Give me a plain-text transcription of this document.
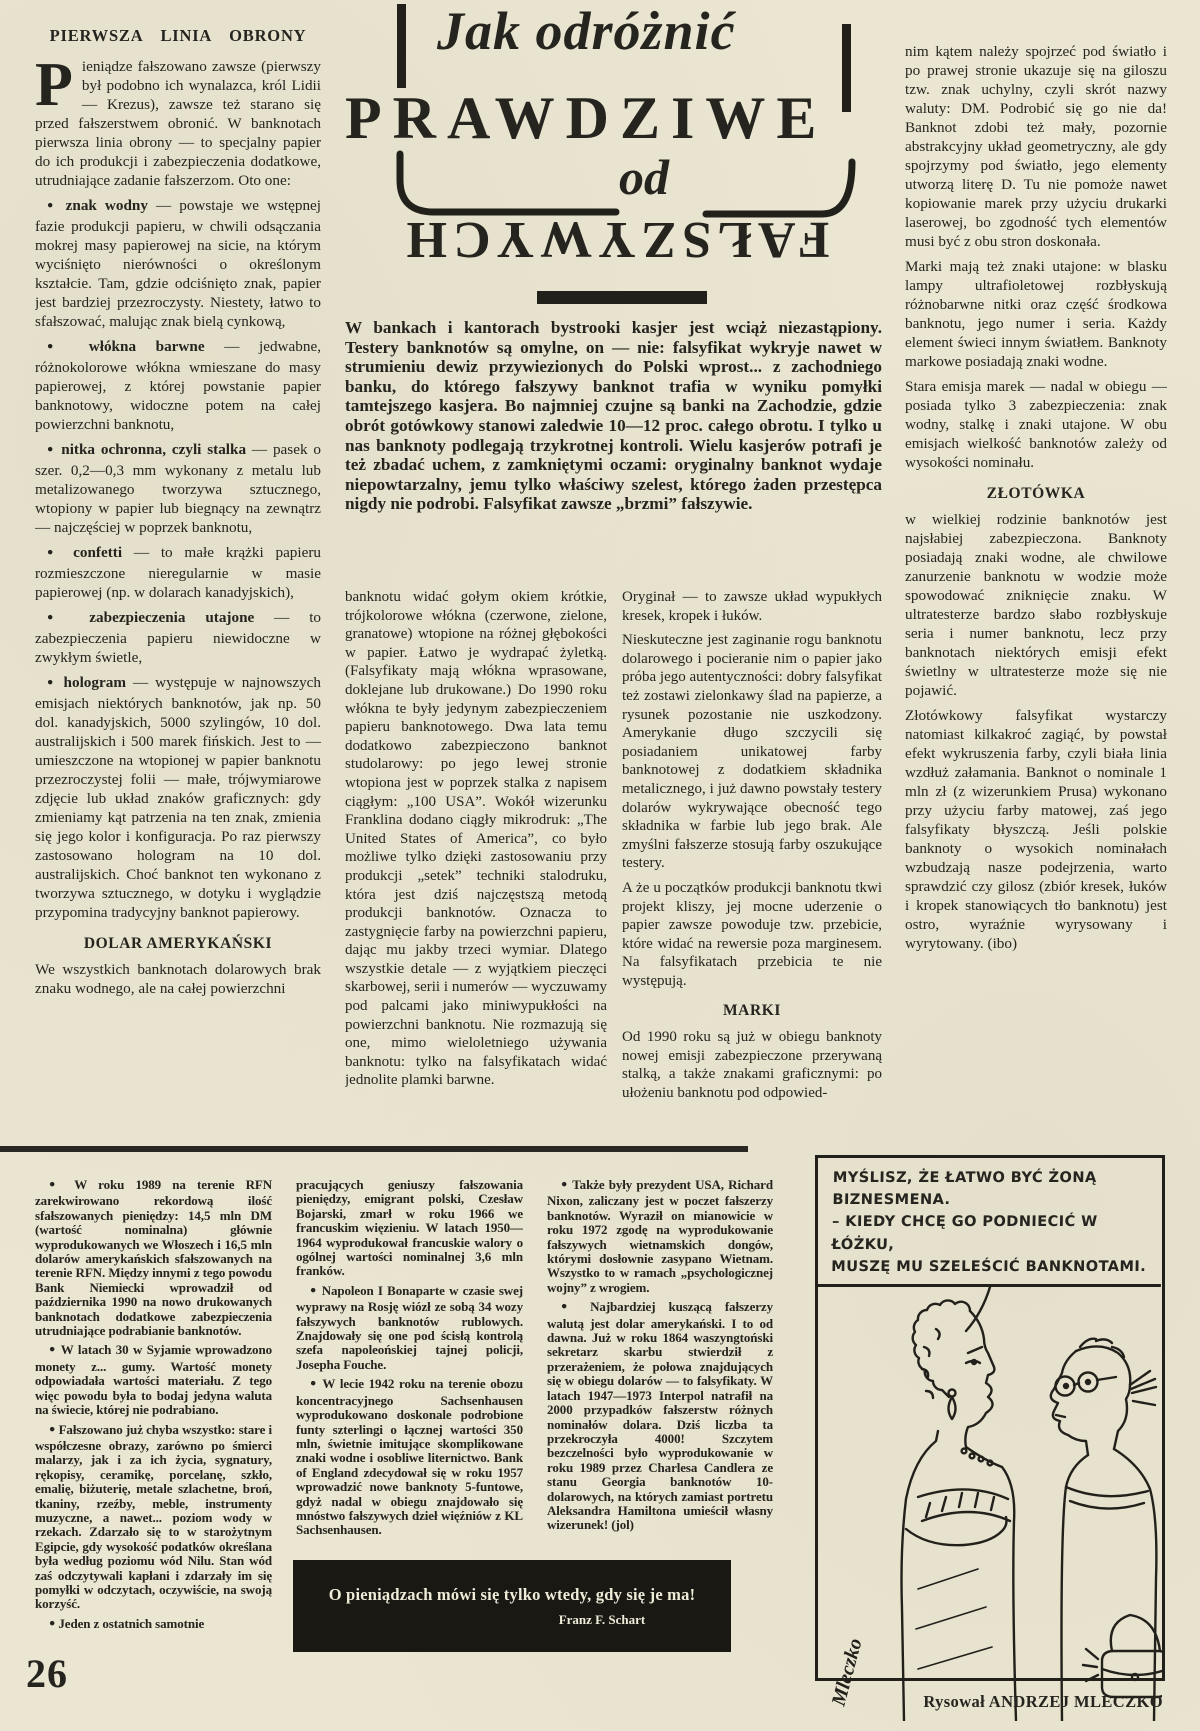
PIERWSZA LINIA OBRONY

Pieniądze fałszowano zawsze (pierwszy był podobno ich wynalazca, król Lidii — Krezus), zawsze też starano się przed fałszerstwem obronić. W banknotach pierwsza linia obrony — to specjalny papier do ich produkcji i zabezpieczenia dodatkowe, utrudniające zadanie fałszerzom. Oto one:

● znak wodny — powstaje we wstępnej fazie produkcji papieru, w chwili odsączania mokrej masy papierowej na sicie, na którym wyciśnięto nierówności o określonym kształcie. Tam, gdzie odciśnięto znak, papier jest bardziej przezroczysty. Niestety, łatwo to sfałszować, malując znak bielą cynkową,

● włókna barwne — jedwabne, różnokolorowe włókna wmieszane do masy papierowej, z której powstanie papier banknotowy, widoczne potem na całej powierzchni banknotu,

● nitka ochronna, czyli stalka — pasek o szer. 0,2—0,3 mm wykonany z metalu lub metalizowanego tworzywa sztucznego, wtopiony w papier lub biegnący na zewnątrz — najczęściej w poprzek banknotu,

● confetti — to małe krążki papieru rozmieszczone nieregularnie w masie papierowej (np. w dolarach kanadyjskich),

● zabezpieczenia utajone — to zabezpieczenia papieru niewidoczne w zwykłym świetle,

● hologram — występuje w najnowszych emisjach niektórych banknotów, jak np. 50 dol. kanadyjskich, 5000 szylingów, 10 dol. australijskich i 500 marek fińskich. Jest to — umieszczone na wtopionej w papier banknotu przezroczystej folii — małe, trójwymiarowe zdjęcie lub układ znaków graficznych: gdy zmieniamy kąt patrzenia na ten znak, zmienia się jego kolor i konfiguracja. Po raz pierwszy zastosowano hologram na 10 dol. australijskich. Choć banknot ten wykonano z tworzywa sztucznego, w dotyku i wyglądzie przypomina tradycyjny banknot papierowy.

DOLAR AMERYKAŃSKI

We wszystkich banknotach dolarowych brak znaku wodnego, ale na całej powierzchni

Jak odróżnić
PRAWDZIWE
od
FAŁSZYWYCH

W bankach i kantorach bystrooki kasjer jest wciąż niezastąpiony. Testery banknotów są omylne, on — nie: falsyfikat wykryje nawet w strumieniu dewiz przywiezionych do Polski wprost... z zachodniego banku, do którego fałszywy banknot trafia w wyniku pomyłki tamtejszego kasjera. Bo najmniej czujne są banki na Zachodzie, gdzie obrót gotówkowy stanowi zaledwie 10—12 proc. całego obrotu. I tylko u nas banknoty podlegają trzykrotnej kontroli. Wielu kasjerów potrafi je też zbadać uchem, z zamkniętymi oczami: oryginalny banknot wydaje niepowtarzalny, jemu tylko właściwy szelest, którego żaden przestępca nigdy nie podrobi. Falsyfikat zawsze „brzmi” fałszywie.

banknotu widać gołym okiem krótkie, trójkolorowe włókna (czerwone, zielone, granatowe) wtopione na różnej głębokości w papier. Łatwo je wydrapać żyletką. (Falsyfikaty mają włókna wprasowane, doklejane lub drukowane.) Do 1990 roku włókna te były jedynym zabezpieczeniem papieru banknotowego. Dwa lata temu dodatkowo zabezpieczono banknot studolarowy: po jego lewej stronie wtopiona jest w poprzek stalka z napisem ciągłym: „100 USA”. Wokół wizerunku Franklina dodano ciągły mikrodruk: „The United States of America”, co było możliwe tylko dzięki zastosowaniu przy produkcji „setek” techniki stalodruku, która jest dziś najczęstszą metodą produkcji banknotów. Oznacza to zastygnięcie farby na powierzchni papieru, dając mu jakby trzeci wymiar. Dlatego wszystkie detale — z wyjątkiem pieczęci skarbowej, serii i numerów — wyczuwamy pod palcami jako miniwypukłości na powierzchni banknotu. Nie rozmazują się one, mimo wieloletniego używania banknotu: tylko na falsyfikatach widać jednolite plamki barwne.

Oryginał — to zawsze układ wypukłych kresek, kropek i łuków.

Nieskuteczne jest zaginanie rogu banknotu dolarowego i pocieranie nim o papier jako próba jego autentyczności: dobry falsyfikat też zostawi zielonkawy ślad na papierze, a rysunek pozostanie nie uszkodzony. Amerykanie długo szczycili się posiadaniem unikatowej farby banknotowej z dodatkiem składnika metalicznego, i już dawno powstały testery dolarów wykrywające obecność tego składnika w farbie lub jego brak. Ale zmyślni fałszerze stosują farby oszukujące testery.

A że u początków produkcji banknotu tkwi projekt kliszy, jej mocne uderzenie o papier zawsze powoduje tzw. przebicie, które widać na rewersie poza marginesem. Na falsyfikatach przebicia te nie występują.

MARKI

Od 1990 roku są już w obiegu banknoty nowej emisji zabezpieczone przerywaną stalką, a także znakami graficznymi: po ułożeniu banknotu pod odpowied-

nim kątem należy spojrzeć pod światło i po prawej stronie ukazuje się na giloszu tzw. znak uchylny, czyli skrót nazwy waluty: DM. Podrobić się go nie da! Banknot zdobi też mały, pozornie abstrakcyjny układ geometryczny, ale gdy spojrzymy pod światło, jego elementy utworzą literę D. Tu nie pomoże nawet kopiowanie marek przy użyciu drukarki laserowej, bo zgodność tych elementów musi być z obu stron doskonała.

Marki mają też znaki utajone: w blasku lampy ultrafioletowej rozbłyskują różnobarwne nitki oraz część środkowa banknotu, jego numer i seria. Każdy element świeci innym światłem. Banknoty markowe posiadają znaki wodne.

Stara emisja marek — nadal w obiegu — posiada tylko 3 zabezpieczenia: znak wodny, stalkę i znaki utajone. W obu emisjach wielkość banknotów zależy od wysokości nominału.

ZŁOTÓWKA

w wielkiej rodzinie banknotów jest najsłabiej zabezpieczona. Banknoty posiadają znaki wodne, ale chwilowe zanurzenie banknotu w wodzie może spowodować zniknięcie znaku. W ultratesterze bardzo słabo rozbłyskuje seria i numer banknotu, lecz przy banknotach niektórych emisji efekt świetlny w ultratesterze może się nie pojawić.

Złotówkowy falsyfikat wystarczy natomiast kilkakroć zagiąć, by powstał efekt wykruszenia farby, czyli biała linia wzdłuż załamania. Banknot o nominale 1 mln zł (z wizerunkiem Prusa) wykonano przy użyciu farby matowej, zaś jego falsyfikaty błyszczą. Jeśli polskie banknoty o wysokich nominałach wzbudzają nasze podejrzenia, warto sprawdzić czy gilosz (zbiór kresek, łuków i kropek stanowiących tło banknotu) jest ostro, wyraźnie wyrysowany i wyrytowany. (ibo)

● W roku 1989 na terenie RFN zarekwirowano rekordową ilość sfałszowanych pieniędzy: 14,5 mln DM (wartość nominalna) głównie wyprodukowanych we Włoszech i 16,5 mln dolarów amerykańskich sfałszowanych na terenie RFN. Między innymi z tego powodu Bank Niemiecki wprowadził od października 1990 na nowo drukowanych banknotach dodatkowe zabezpieczenia utrudniające podrabianie banknotów.

● W latach 30 w Syjamie wprowadzono monety z... gumy. Wartość monety odpowiadała wartości materiału. Z tego więc powodu była to bodaj jedyna waluta na świecie, której nie podrabiano.

● Fałszowano już chyba wszystko: stare i współczesne obrazy, zarówno po śmierci malarzy, jak i za ich życia, sygnatury, rękopisy, ceramikę, porcelanę, szkło, emalię, biżuterię, metale szlachetne, broń, tkaniny, rzeźby, meble, instrumenty muzyczne, a nawet... poziom wody w rzekach. Zdarzało się to w starożytnym Egipcie, gdy wysokość podatków określana była według poziomu wód Nilu. Stan wód zaś odczytywali kapłani i zdarzały im się pomyłki w odczytach, oczywiście, na swoją korzyść.

● Jeden z ostatnich samotnie

pracujących geniuszy fałszowania pieniędzy, emigrant polski, Czesław Bojarski, zmarł w roku 1966 we francuskim więzieniu. W latach 1950—1964 wyprodukował francuskie walory o ogólnej wartości nominalnej 3,6 mln franków.

● Napoleon I Bonaparte w czasie swej wyprawy na Rosję wiózł ze sobą 34 wozy fałszywych banknotów rublowych. Znajdowały się one pod ścisłą kontrolą szefa napoleońskiej tajnej policji, Josepha Fouche.

● W lecie 1942 roku na terenie obozu koncentracyjnego Sachsenhausen wyprodukowano doskonale podrobione funty szterlingi o łącznej wartości 350 mln, świetnie imitujące skomplikowane znaki wodne i osobliwe liternictwo. Bank of England zdecydował się w roku 1957 wprowadzić nowe banknoty 5-funtowe, gdyż nadal w obiegu znajdowało się mnóstwo fałszywych dzieł więźniów z KL Sachsenhausen.

● Także były prezydent USA, Richard Nixon, zaliczany jest w poczet fałszerzy banknotów. Wyraził on mianowicie w roku 1972 zgodę na wyprodukowanie fałszywych wietnamskich dongów, którymi dosłownie zasypano Wietnam. Wszystko to w ramach „psychologicznej wojny” z wrogiem.

● Najbardziej kuszącą fałszerzy walutą jest dolar amerykański. I to od dawna. Już w roku 1864 waszyngtoński sekretarz skarbu stwierdził z przerażeniem, że połowa znajdujących się w obiegu dolarów — to falsyfikaty. W latach 1947—1973 Interpol natrafił na 2000 przypadków fałszerstw różnych nominałów dolara. Dziś liczba ta przekroczyła 4000! Szczytem bezczelności było wyprodukowanie w roku 1989 przez Charlesa Candlera ze stanu Georgia banknotów 10-dolarowych, na których zamiast portretu Aleksandra Hamiltona umieścił własny wizerunek! (jol)

MYŚLISZ, ŻE ŁATWO BYĆ ŻONĄ BIZNESMENA.
– KIEDY CHCĘ GO PODNIECIĆ W ŁÓŻKU,
MUSZĘ MU SZELEŚCIĆ BANKNOTAMI.
Mleczko
O pieniądzach mówi się tylko wtedy, gdy się je ma!
Franz F. Schart
26
Rysował ANDRZEJ MLECZKO
